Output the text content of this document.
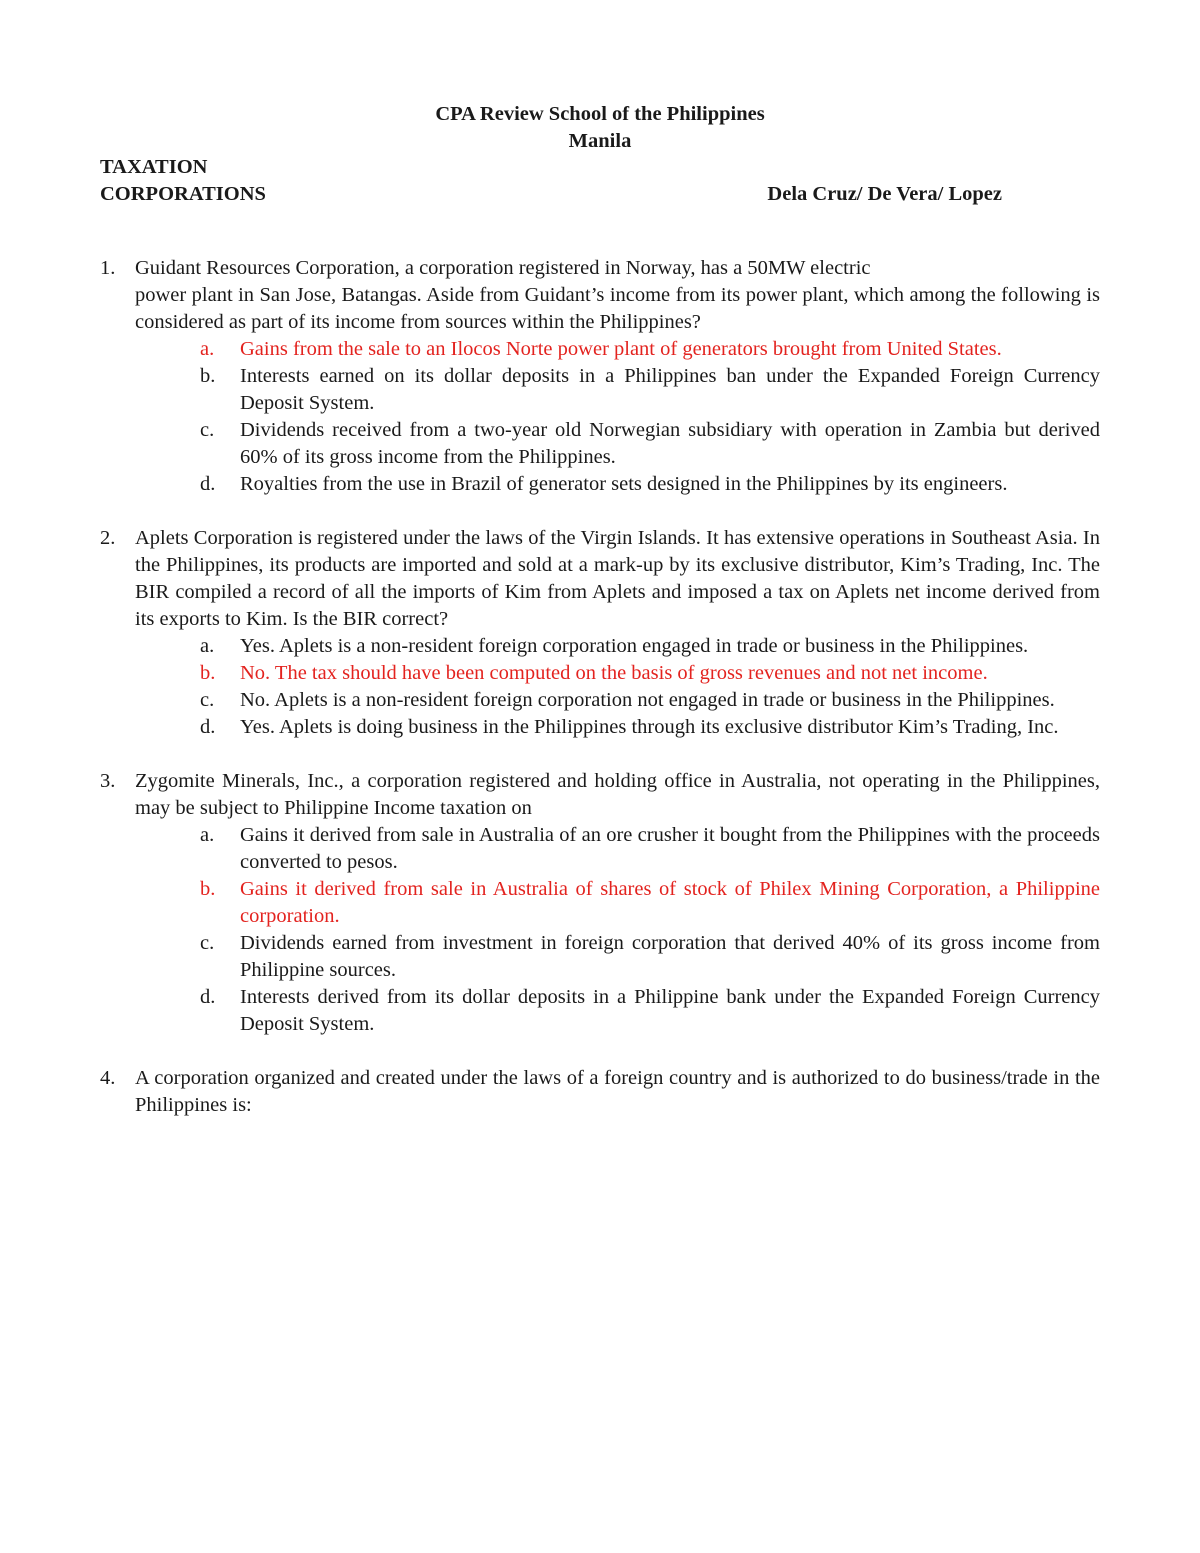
CPA Review School of the Philippines
Manila
TAXATION
CORPORATIONS	Dela Cruz/ De Vera/ Lopez
1. Guidant Resources Corporation, a corporation registered in Norway, has a 50MW electric
power plant in San Jose, Batangas. Aside from Guidant’s income from its power plant, which among the following is considered as part of its income from sources within the Philippines?
a.	Gains from the sale to an Ilocos Norte power plant of generators brought from United States.
b.	Interests earned on its dollar deposits in a Philippines ban under the Expanded Foreign Currency Deposit System.
c.	Dividends received from a two-year old Norwegian subsidiary with operation in Zambia but derived 60% of its gross income from the Philippines.
d.	Royalties from the use in Brazil of generator sets designed in the Philippines by its engineers.
2. Aplets Corporation is registered under the laws of the Virgin Islands. It has extensive operations in Southeast Asia. In the Philippines, its products are imported and sold at a mark-up by its exclusive distributor, Kim’s Trading, Inc. The BIR compiled a record of all the imports of Kim from Aplets and imposed a tax on Aplets net income derived from its exports to Kim. Is the BIR correct?
a.	Yes. Aplets is a non-resident foreign corporation engaged in trade or business in the Philippines.
b.	No. The tax should have been computed on the basis of gross revenues and not net income.
c.	No. Aplets is a non-resident foreign corporation not engaged in trade or business in the Philippines.
d.	Yes. Aplets is doing business in the Philippines through its exclusive distributor Kim’s Trading, Inc.
3. Zygomite Minerals, Inc., a corporation registered and holding office in Australia, not operating in the Philippines, may be subject to Philippine Income taxation on
a.	Gains it derived from sale in Australia of an ore crusher it bought from the Philippines with the proceeds converted to pesos.
b.	Gains it derived from sale in Australia of shares of stock of Philex Mining Corporation, a Philippine corporation.
c.	Dividends earned from investment in foreign corporation that derived 40% of its gross income from Philippine sources.
d.	Interests derived from its dollar deposits in a Philippine bank under the Expanded Foreign Currency Deposit System.
4. A corporation organized and created under the laws of a foreign country and is authorized to do business/trade in the Philippines is:
